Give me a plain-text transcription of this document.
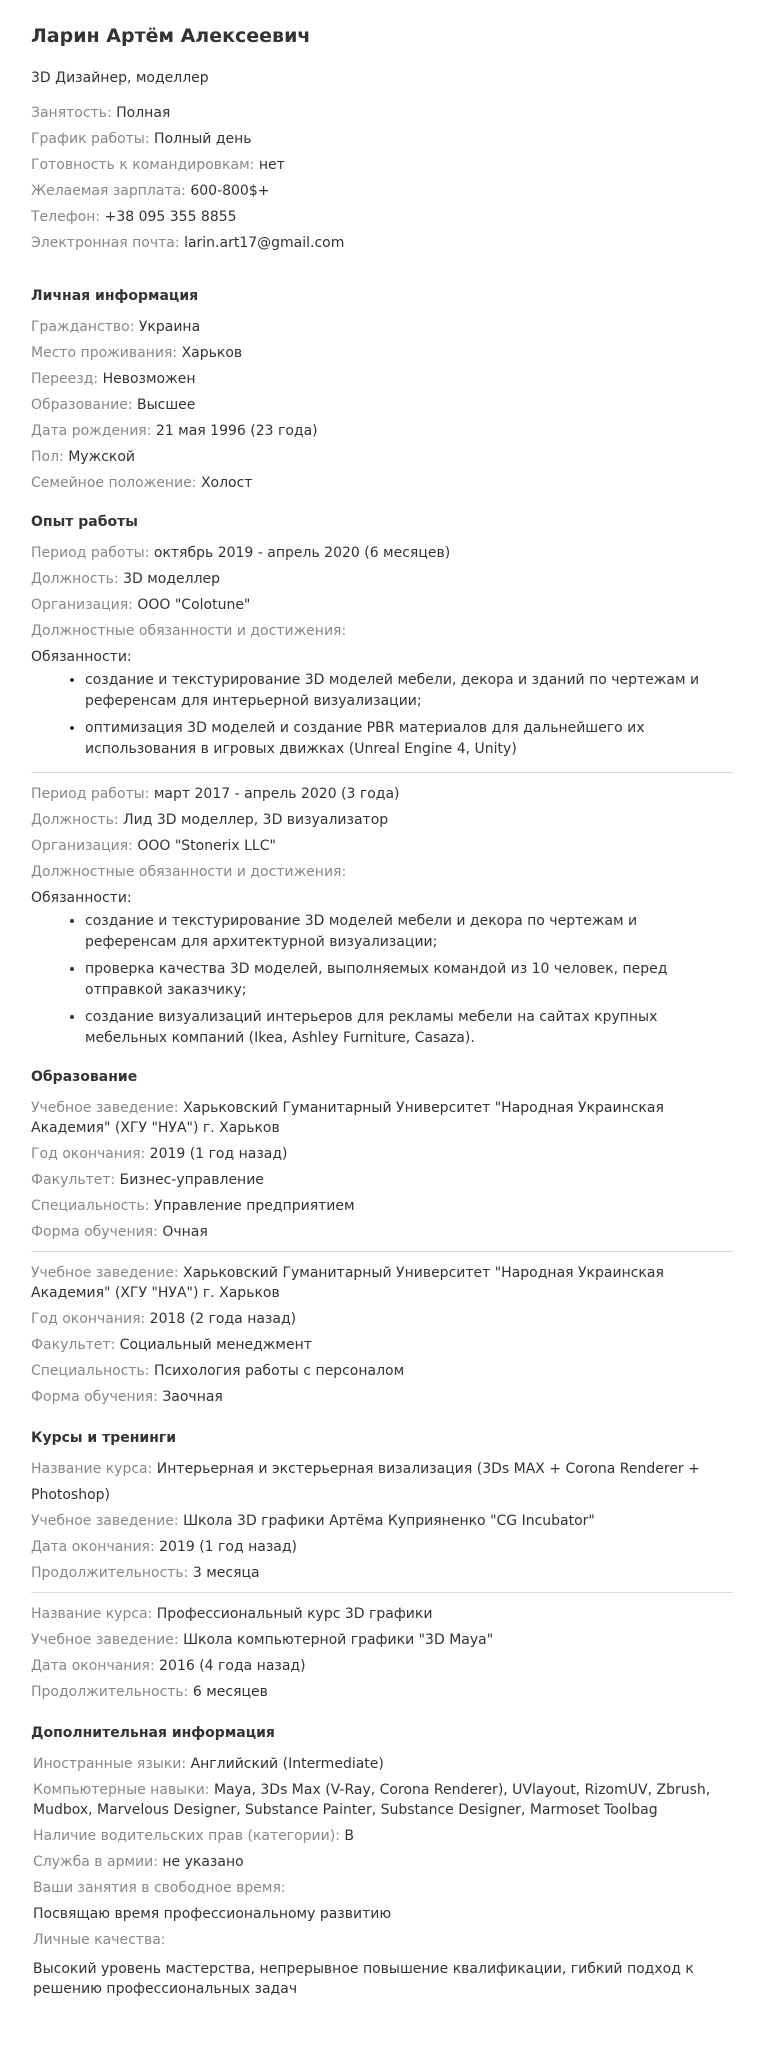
Ларин Артём Алексеевич
3D Дизайнер, моделлер
Занятость: Полная
График работы: Полный день
Готовность к командировкам: нет
Желаемая зарплата: 600-800$+
Телефон: +38 095 355 8855
Электронная почта: larin.art17@gmail.com
Личная информация
Гражданство: Украина
Место проживания: Харьков
Переезд: Невозможен
Образование: Высшее
Дата рождения: 21 мая 1996 (23 года)
Пол: Мужской
Семейное положение: Холост
Опыт работы
Период работы: октябрь 2019 - апрель 2020 (6 месяцев)
Должность: 3D моделлер
Организация: ООО "Colotune"
Должностные обязанности и достижения:
Обязанности:
• создание и текстурирование 3D моделей мебели, декора и зданий по чертежам и референсам для интерьерной визуализации;
• оптимизация 3D моделей и создание PBR материалов для дальнейшего их использования в игровых движках (Unreal Engine 4, Unity)
Период работы: март 2017 - апрель 2020 (3 года)
Должность: Лид 3D моделлер, 3D визуализатор
Организация: ООО "Stonerix LLC"
Должностные обязанности и достижения:
Обязанности:
• создание и текстурирование 3D моделей мебели и декора по чертежам и референсам для архитектурной визуализации;
• проверка качества 3D моделей, выполняемых командой из 10 человек, перед отправкой заказчику;
• создание визуализаций интерьеров для рекламы мебели на сайтах крупных мебельных компаний (Ikea, Ashley Furniture, Casaza).
Образование
Учебное заведение: Харьковский Гуманитарный Университет "Народная Украинская Академия" (ХГУ "НУА") г. Харьков
Год окончания: 2019 (1 год назад)
Факультет: Бизнес-управление
Специальность: Управление предприятием
Форма обучения: Очная
Учебное заведение: Харьковский Гуманитарный Университет "Народная Украинская Академия" (ХГУ "НУА") г. Харьков
Год окончания: 2018 (2 года назад)
Факультет: Социальный менеджмент
Специальность: Психология работы с персоналом
Форма обучения: Заочная
Курсы и тренинги
Название курса: Интерьерная и экстерьерная визализация (3Ds MAX + Corona Renderer + Photoshop)
Учебное заведение: Школа 3D графики Артёма Куприяненко "CG Incubator"
Дата окончания: 2019 (1 год назад)
Продолжительность: 3 месяца
Название курса: Профессиональный курс 3D графики
Учебное заведение: Школа компьютерной графики "3D Maya"
Дата окончания: 2016 (4 года назад)
Продолжительность: 6 месяцев
Дополнительная информация
Иностранные языки: Английский (Intermediate)
Компьютерные навыки: Maya, 3Ds Max (V-Ray, Corona Renderer), UVlayout, RizomUV, Zbrush, Mudbox, Marvelous Designer, Substance Painter, Substance Designer, Marmoset Toolbag
Наличие водительских прав (категории): B
Служба в армии: не указано
Ваши занятия в свободное время:
Посвящаю время профессиональному развитию
Личные качества:
Высокий уровень мастерства, непрерывное повышение квалификации, гибкий подход к решению профессиональных задач
